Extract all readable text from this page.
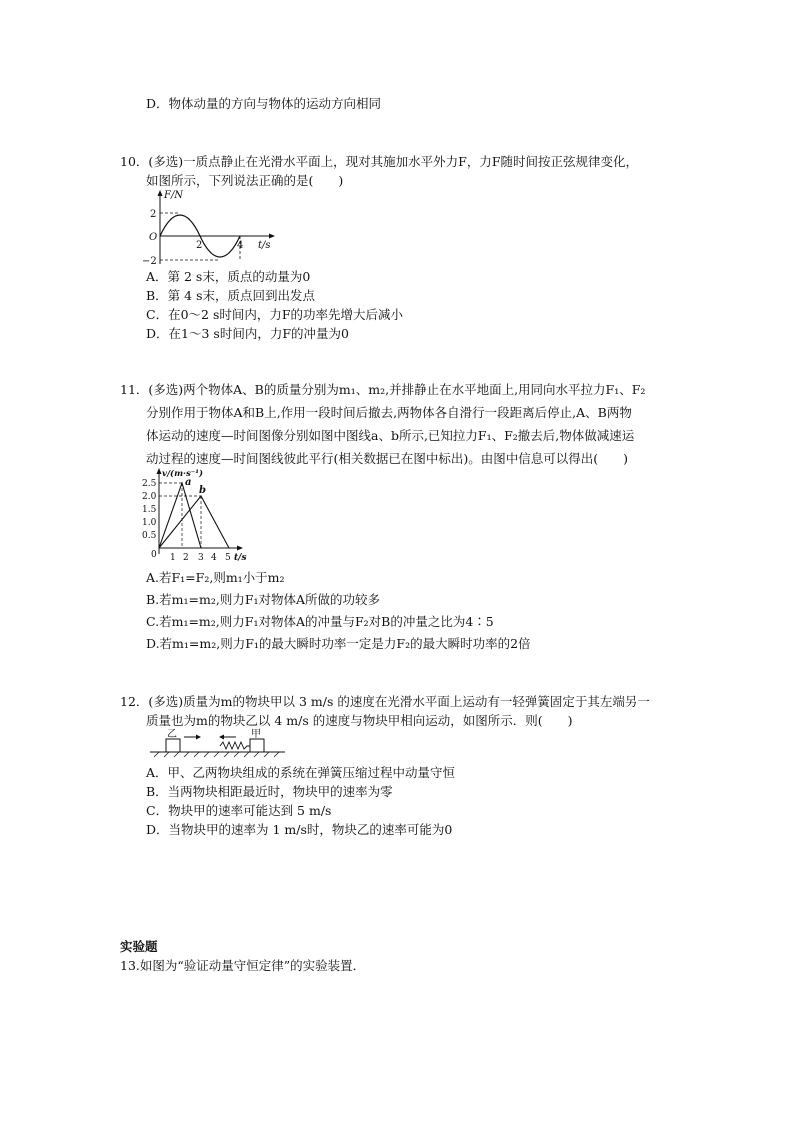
D．物体动量的方向与物体的运动方向相同
10．(多选)一质点静止在光滑水平面上，现对其施加水平外力F，力F随时间按正弦规律变化，
如图所示，下列说法正确的是(　　)
F/N
2
O
−2
2	4 t/s
A．第 2 s末，质点的动量为0
B．第 4 s末，质点回到出发点
C．在0～2 s时间内，力F的功率先增大后减小
D．在1～3 s时间内，力F的冲量为0
11．(多选)两个物体A、B的质量分别为m₁、m₂,并排静止在水平地面上,用同向水平拉力F₁、F₂
分别作用于物体A和B上,作用一段时间后撤去,两物体各自滑行一段距离后停止,A、B两物
体运动的速度—时间图像分别如图中图线a、b所示,已知拉力F₁、F₂撤去后,物体做减速运
动过程的速度—时间图线彼此平行(相关数据已在图中标出)。由图中信息可以得出(　　)
2.5
2.0
1.5
1.0
0.5
0 1 2 3 4 5 t/s
v/(m·s⁻¹)
a
b
A.若F₁=F₂,则m₁小于m₂
B.若m₁=m₂,则力F₁对物体A所做的功较多
C.若m₁=m₂,则力F₁对物体A的冲量与F₂对B的冲量之比为4∶5
D.若m₁=m₂,则力F₁的最大瞬时功率一定是力F₂的最大瞬时功率的2倍
12．(多选)质量为m的物块甲以 3 m/s 的速度在光滑水平面上运动有一轻弹簧固定于其左端另一
质量也为m的物块乙以 4 m/s 的速度与物块甲相向运动，如图所示．则(　　)
乙	甲
A．甲、乙两物块组成的系统在弹簧压缩过程中动量守恒
B．当两物块相距最近时，物块甲的速率为零
C．物块甲的速率可能达到 5 m/s
D．当物块甲的速率为 1 m/s时，物块乙的速率可能为0
实验题
13.如图为“验证动量守恒定律”的实验装置．
